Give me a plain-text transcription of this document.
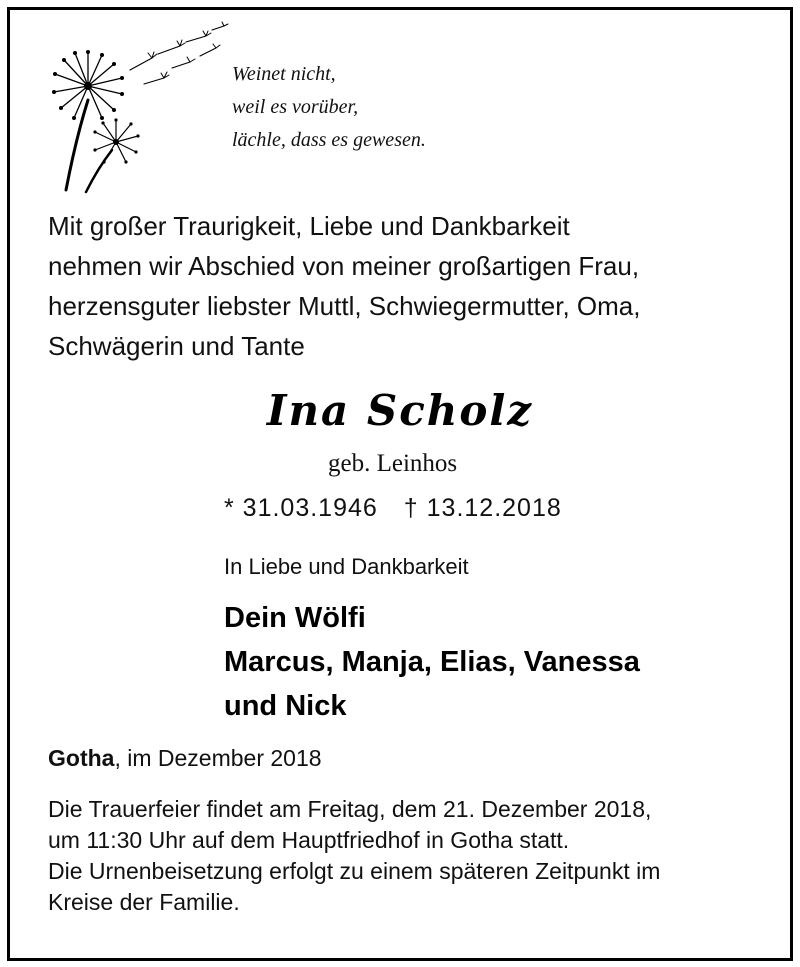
Weinet nicht,
weil es vorüber,
lächle, dass es gewesen.
Mit großer Traurigkeit, Liebe und Dankbarkeit
nehmen wir Abschied von meiner großartigen Frau,
herzensguter liebster Muttl, Schwiegermutter, Oma,
Schwägerin und Tante
Ina Scholz
geb. Leinhos
* 31.03.1946 † 13.12.2018
In Liebe und Dankbarkeit
Dein Wölfi
Marcus, Manja, Elias, Vanessa
und Nick
Gotha, im Dezember 2018
Die Trauerfeier findet am Freitag, dem 21. Dezember 2018,
um 11:30 Uhr auf dem Hauptfriedhof in Gotha statt.
Die Urnenbeisetzung erfolgt zu einem späteren Zeitpunkt im
Kreise der Familie.
